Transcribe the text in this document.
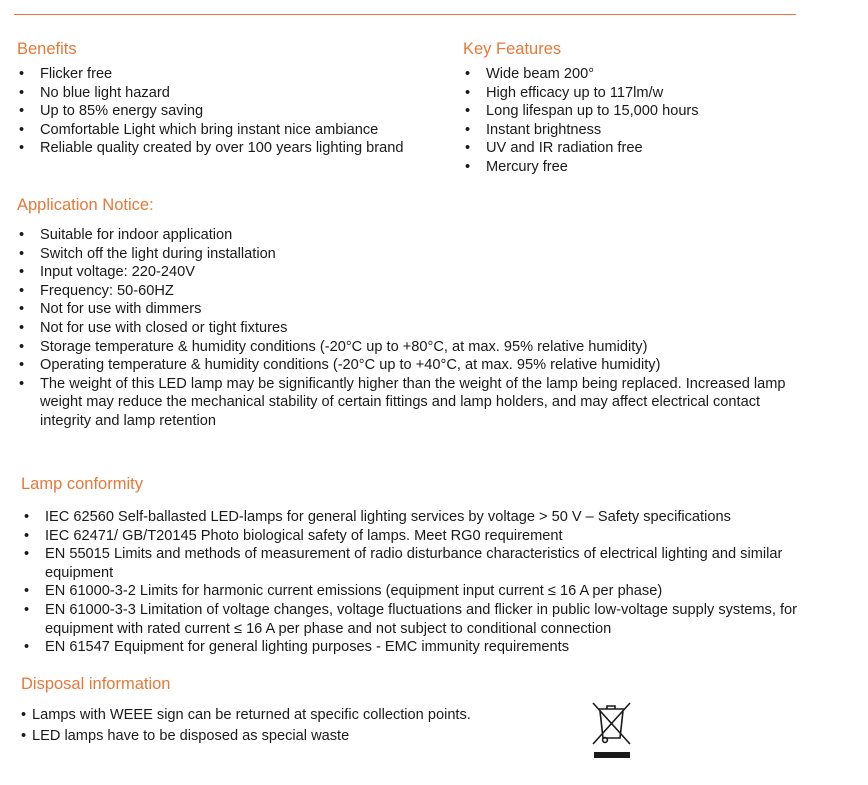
Benefits
• Flicker free
• No blue light hazard
• Up to 85% energy saving
• Comfortable Light which bring instant nice ambiance
• Reliable quality created by over 100 years lighting brand
Key Features
• Wide beam 200°
• High efficacy up to 117lm/w
• Long lifespan up to 15,000 hours
• Instant brightness
• UV and IR radiation free
• Mercury free
Application Notice:
• Suitable for indoor application
• Switch off the light during installation
• Input voltage: 220-240V
• Frequency: 50-60HZ
• Not for use with dimmers
• Not for use with closed or tight fixtures
• Storage temperature & humidity conditions (-20°C up to +80°C, at max. 95% relative humidity)
• Operating temperature & humidity conditions (-20°C up to +40°C, at max. 95% relative humidity)
• The weight of this LED lamp may be significantly higher than the weight of the lamp being replaced. Increased lamp weight may reduce the mechanical stability of certain fittings and lamp holders, and may affect electrical contact integrity and lamp retention
Lamp conformity
• IEC 62560 Self-ballasted LED-lamps for general lighting services by voltage > 50 V – Safety specifications
• IEC 62471/ GB/T20145 Photo biological safety of lamps. Meet RG0 requirement
• EN 55015 Limits and methods of measurement of radio disturbance characteristics of electrical lighting and similar equipment
• EN 61000-3-2 Limits for harmonic current emissions (equipment input current ≤ 16 A per phase)
• EN 61000-3-3 Limitation of voltage changes, voltage fluctuations and flicker in public low-voltage supply systems, for equipment with rated current ≤ 16 A per phase and not subject to conditional connection
• EN 61547 Equipment for general lighting purposes - EMC immunity requirements
Disposal information
• Lamps with WEEE sign can be returned at specific collection points.
• LED lamps have to be disposed as special waste
